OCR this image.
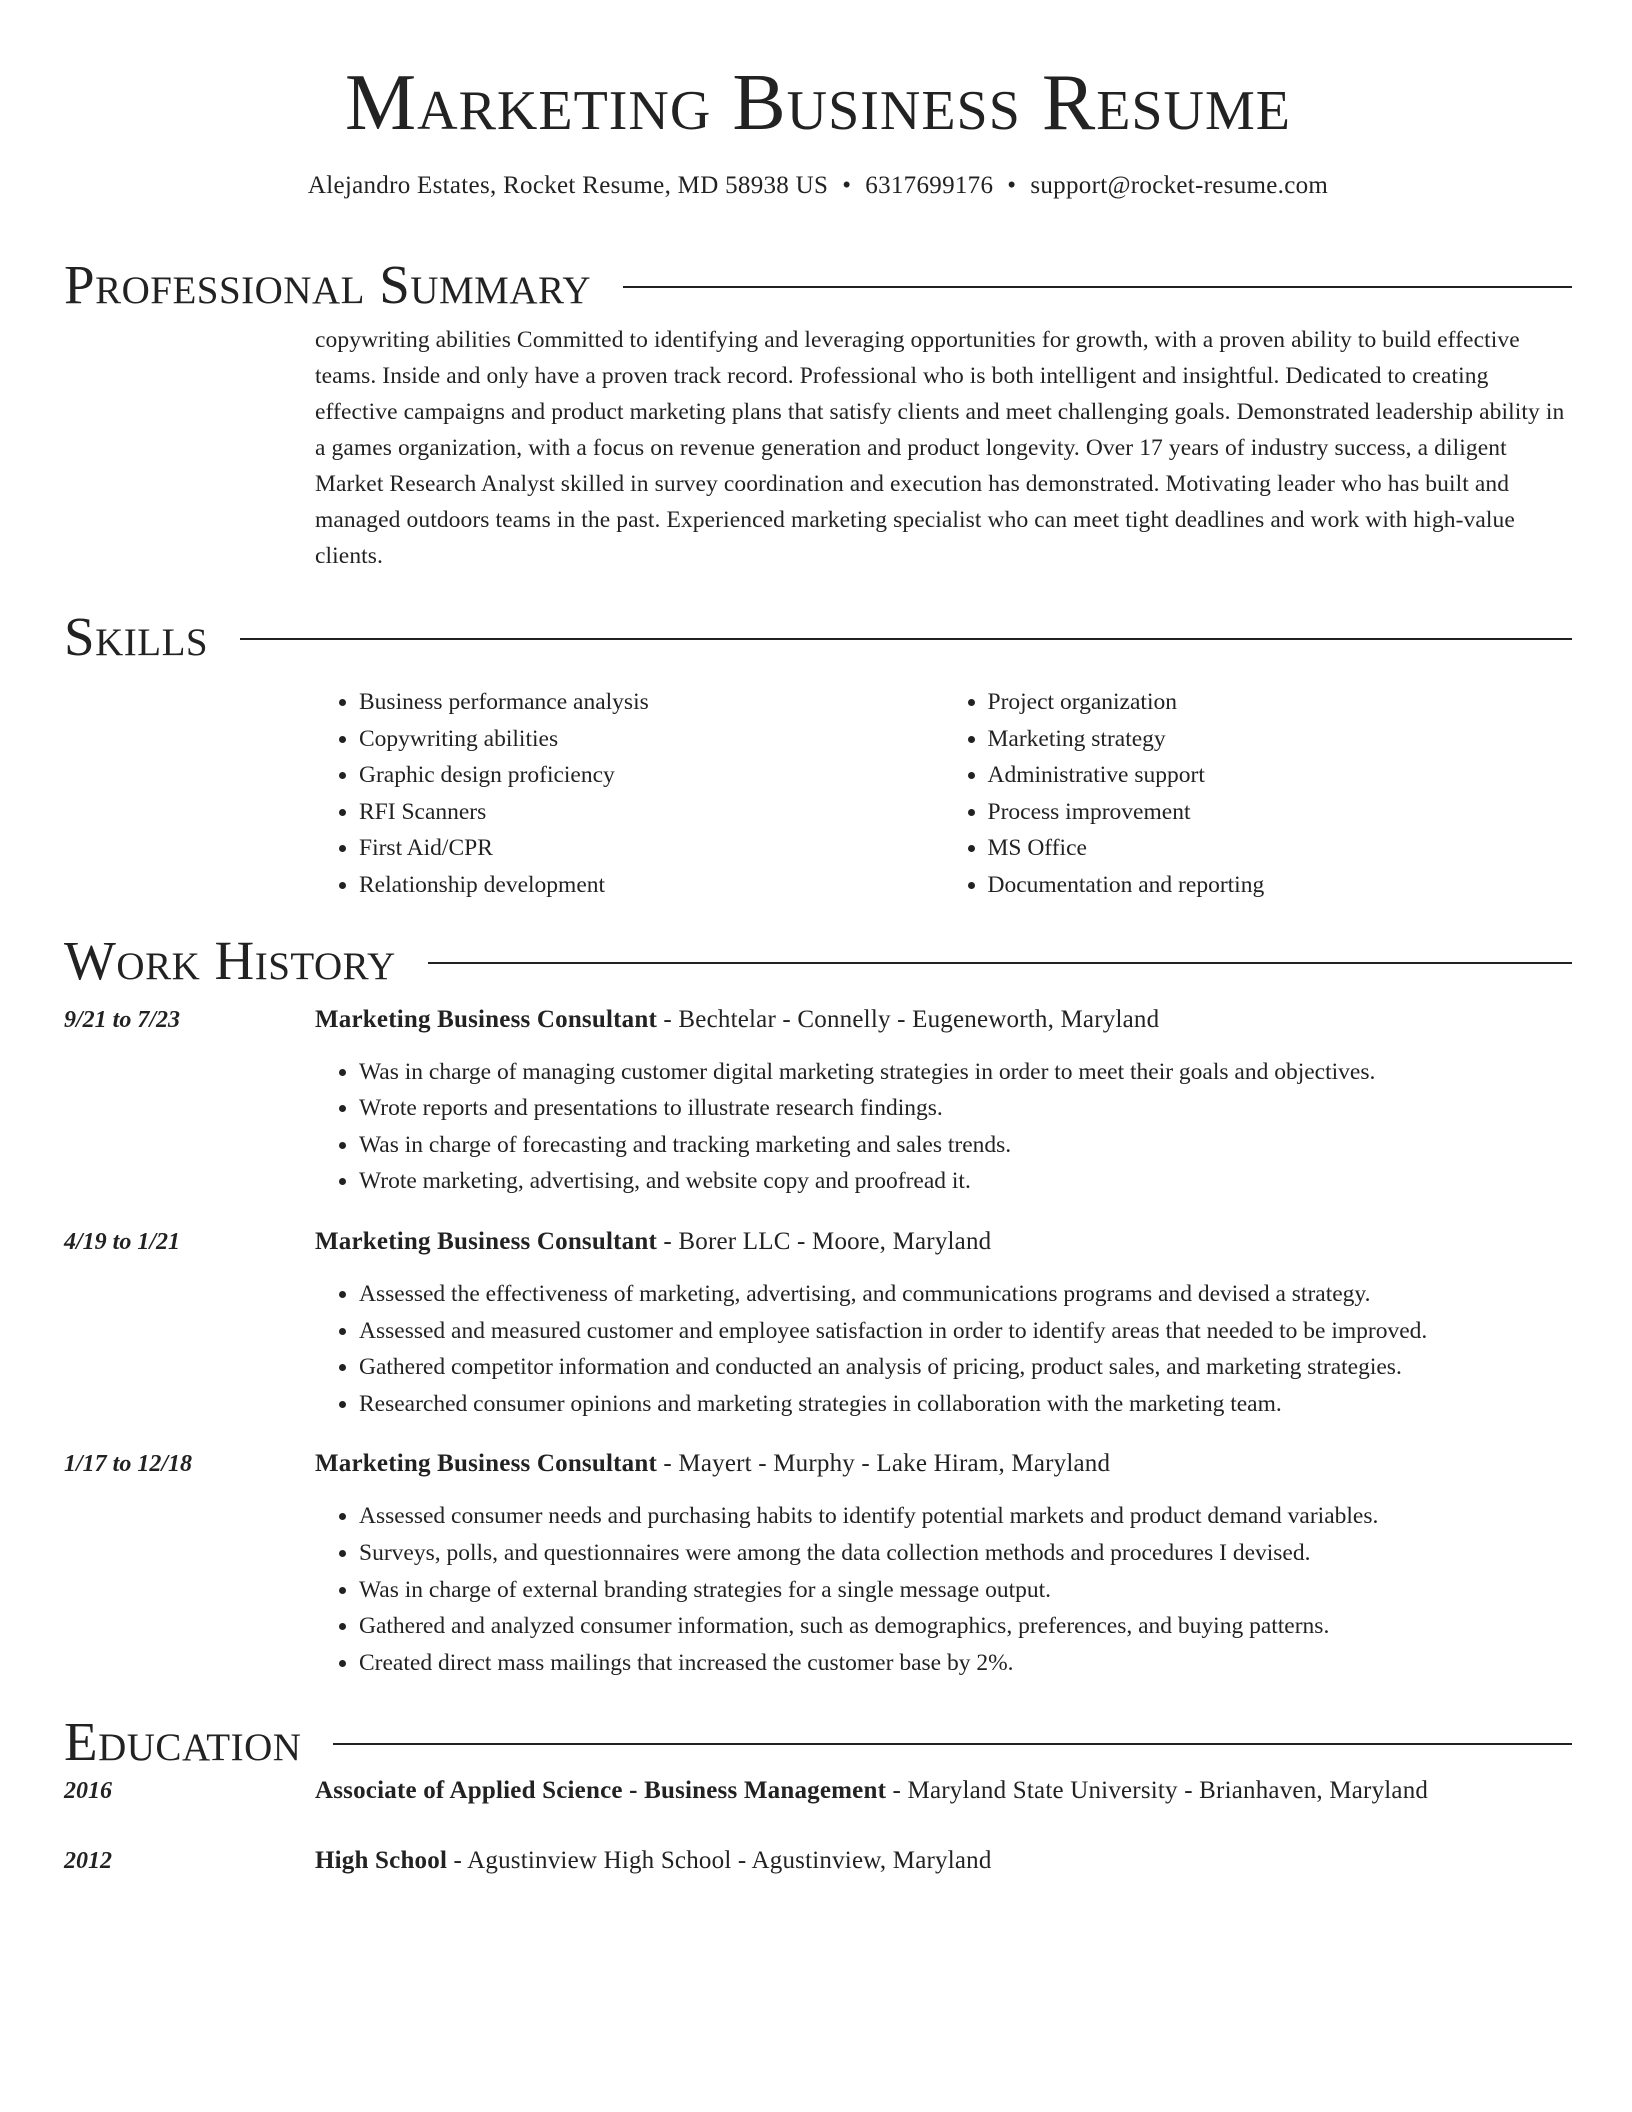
Marketing Business Resume
Alejandro Estates, Rocket Resume, MD 58938 US • 6317699176 • support@rocket-resume.com
Professional Summary
copywriting abilities Committed to identifying and leveraging opportunities for growth, with a proven ability to build effective teams. Inside and only have a proven track record. Professional who is both intelligent and insightful. Dedicated to creating effective campaigns and product marketing plans that satisfy clients and meet challenging goals. Demonstrated leadership ability in a games organization, with a focus on revenue generation and product longevity. Over 17 years of industry success, a diligent Market Research Analyst skilled in survey coordination and execution has demonstrated. Motivating leader who has built and managed outdoors teams in the past. Experienced marketing specialist who can meet tight deadlines and work with high-value clients.
Skills
• Business performance analysis
• Copywriting abilities
• Graphic design proficiency
• RFI Scanners
• First Aid/CPR
• Relationship development
• Project organization
• Marketing strategy
• Administrative support
• Process improvement
• MS Office
• Documentation and reporting
Work History
9/21 to 7/23	Marketing Business Consultant - Bechtelar - Connelly - Eugeneworth, Maryland
• Was in charge of managing customer digital marketing strategies in order to meet their goals and objectives.
• Wrote reports and presentations to illustrate research findings.
• Was in charge of forecasting and tracking marketing and sales trends.
• Wrote marketing, advertising, and website copy and proofread it.
4/19 to 1/21	Marketing Business Consultant - Borer LLC - Moore, Maryland
• Assessed the effectiveness of marketing, advertising, and communications programs and devised a strategy.
• Assessed and measured customer and employee satisfaction in order to identify areas that needed to be improved.
• Gathered competitor information and conducted an analysis of pricing, product sales, and marketing strategies.
• Researched consumer opinions and marketing strategies in collaboration with the marketing team.
1/17 to 12/18	Marketing Business Consultant - Mayert - Murphy - Lake Hiram, Maryland
• Assessed consumer needs and purchasing habits to identify potential markets and product demand variables.
• Surveys, polls, and questionnaires were among the data collection methods and procedures I devised.
• Was in charge of external branding strategies for a single message output.
• Gathered and analyzed consumer information, such as demographics, preferences, and buying patterns.
• Created direct mass mailings that increased the customer base by 2%.
Education
2016	Associate of Applied Science - Business Management - Maryland State University - Brianhaven, Maryland
2012	High School - Agustinview High School - Agustinview, Maryland
